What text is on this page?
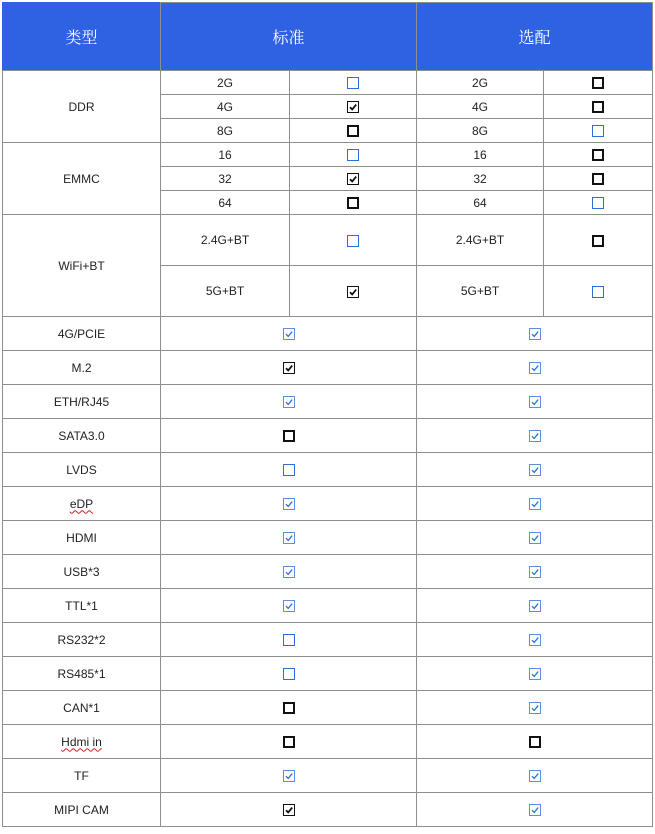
类型	标准		选配	
DDR	2G		2G	
	4G		4G	
	8G		8G	
EMMC	16		16	
	32		32	
	64		64	
WiFi+BT	2.4G+BT		2.4G+BT	
	5G+BT		5G+BT	
4G/PCIE	

M.2	

ETH/RJ45	

SATA3.0		

LVDS		

eDP	

HDMI	

USB*3	

TTL*1	

RS232*2		

RS485*1		

CAN*1		

Hdmi in				
TF	

MIPI CAM	
